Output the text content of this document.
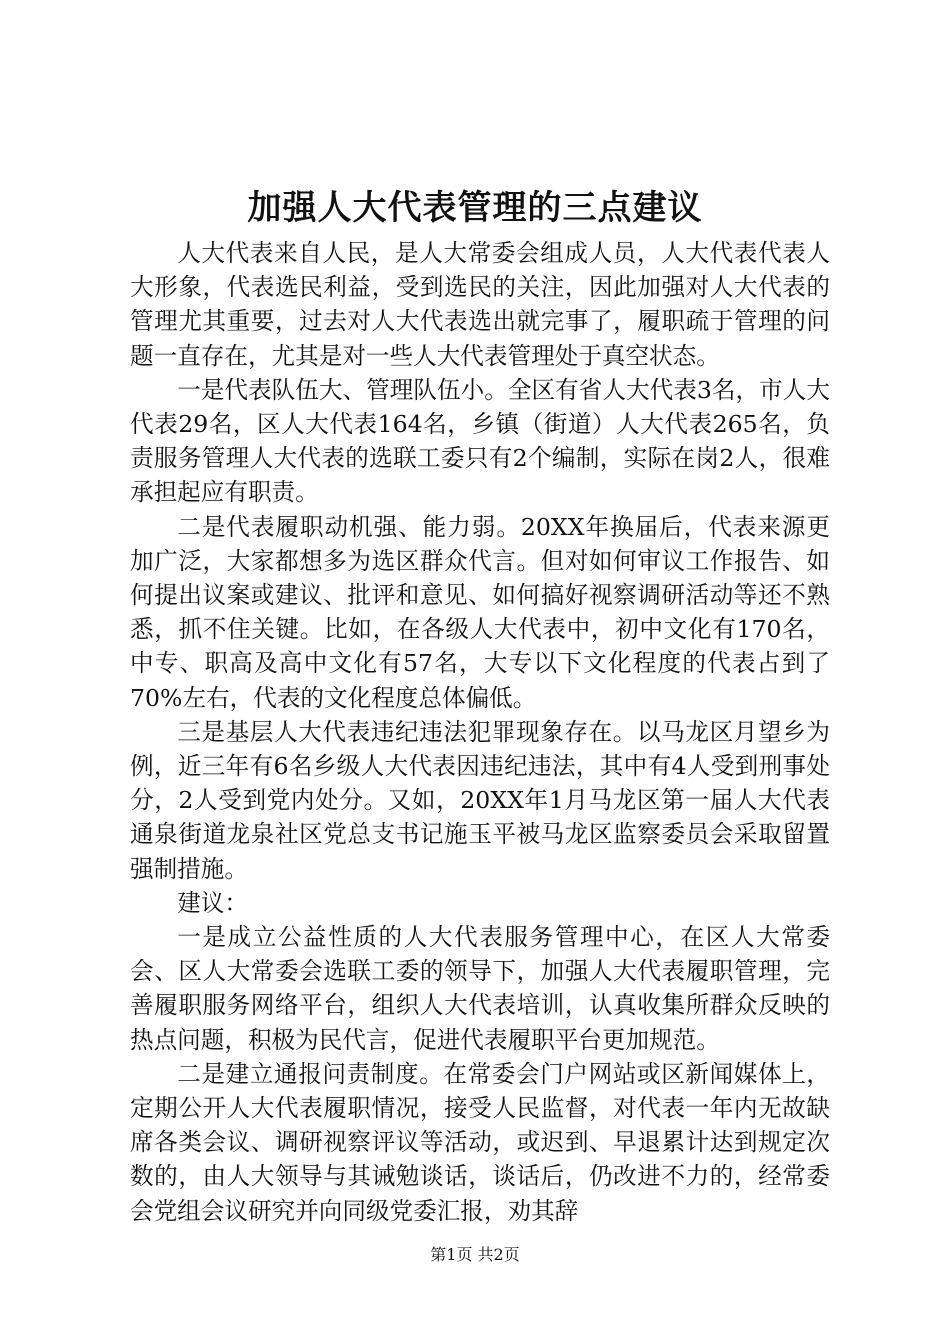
加强人大代表管理的三点建议

人大代表来自人民，是人大常委会组成人员，人大代表代表人大形象，代表选民利益，受到选民的关注，因此加强对人大代表的管理尤其重要，过去对人大代表选出就完事了，履职疏于管理的问题一直存在，尤其是对一些人大代表管理处于真空状态。

一是代表队伍大、管理队伍小。全区有省人大代表3名，市人大代表29名，区人大代表164名，乡镇（街道）人大代表265名，负责服务管理人大代表的选联工委只有2个编制，实际在岗2人，很难承担起应有职责。

二是代表履职动机强、能力弱。20XX年换届后，代表来源更加广泛，大家都想多为选区群众代言。但对如何审议工作报告、如何提出议案或建议、批评和意见、如何搞好视察调研活动等还不熟悉，抓不住关键。比如，在各级人大代表中，初中文化有170名，中专、职高及高中文化有57名，大专以下文化程度的代表占到了70%左右，代表的文化程度总体偏低。

三是基层人大代表违纪违法犯罪现象存在。以马龙区月望乡为例，近三年有6名乡级人大代表因违纪违法，其中有4人受到刑事处分，2人受到党内处分。又如，20XX年1月马龙区第一届人大代表通泉街道龙泉社区党总支书记施玉平被马龙区监察委员会采取留置强制措施。

建议：

一是成立公益性质的人大代表服务管理中心，在区人大常委会、区人大常委会选联工委的领导下，加强人大代表履职管理，完善履职服务网络平台，组织人大代表培训，认真收集所群众反映的热点问题，积极为民代言，促进代表履职平台更加规范。

二是建立通报问责制度。在常委会门户网站或区新闻媒体上，定期公开人大代表履职情况，接受人民监督，对代表一年内无故缺席各类会议、调研视察评议等活动，或迟到、早退累计达到规定次数的，由人大领导与其诫勉谈话，谈话后，仍改进不力的，经常委会党组会议研究并向同级党委汇报，劝其辞

第1页 共2页
